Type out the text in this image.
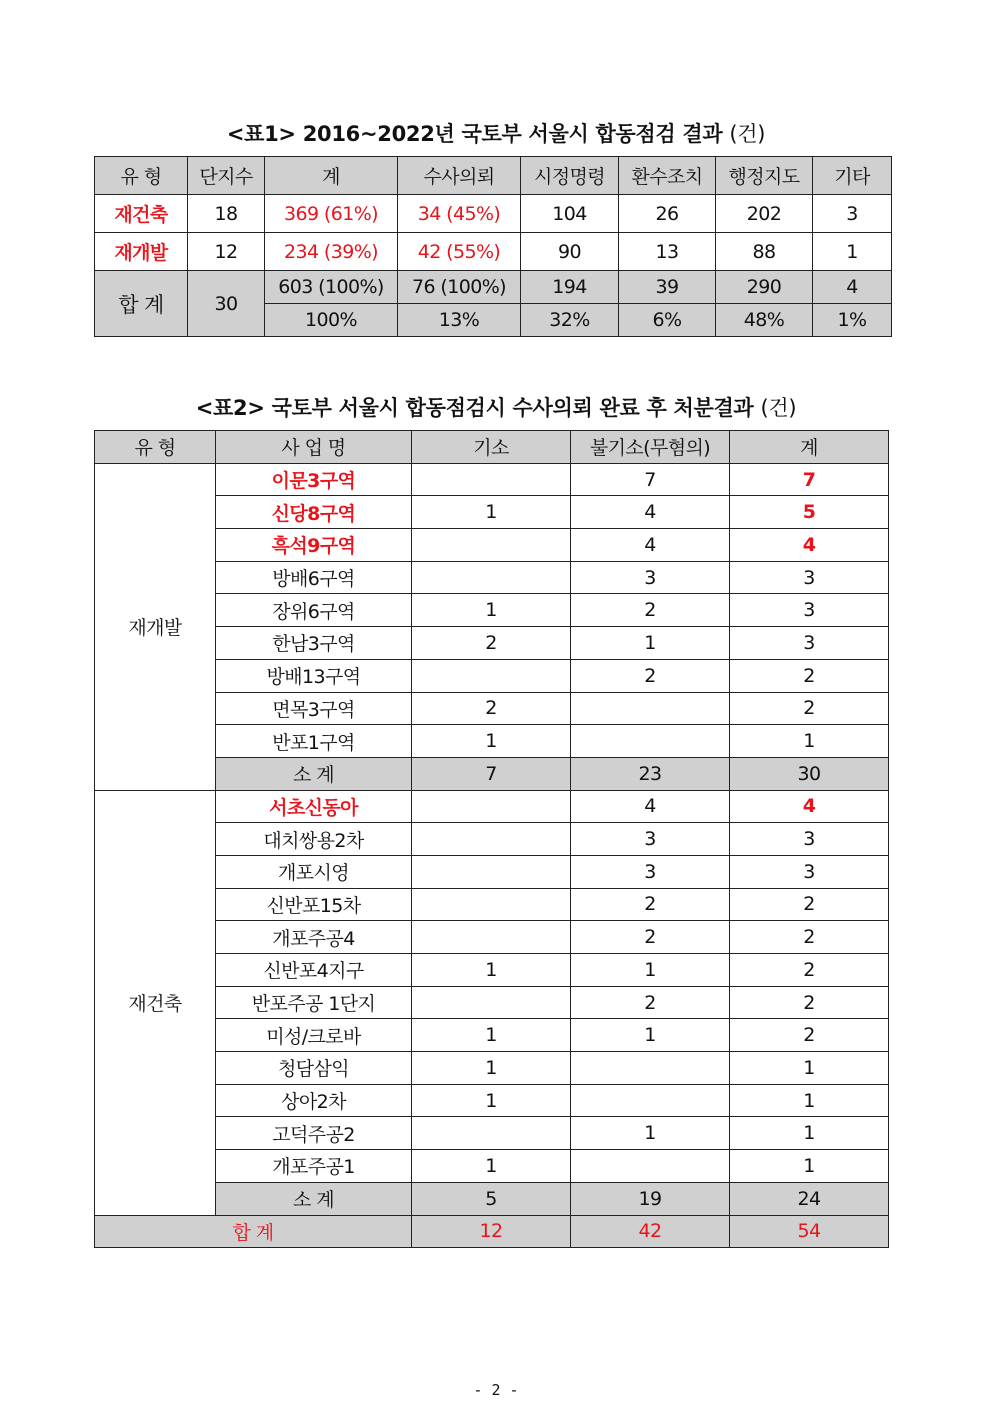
<표1> 2016~2022년 국토부 서울시 합동점검 결과 (건)
유 형	단지수	계	수사의뢰	시정명령	환수조치	행정지도	기타
재건축	18	369 (61%)	34 (45%)	104	26	202	3
재개발	12	234 (39%)	42 (55%)	90	13	88	1
합 계	30	603 (100%)	76 (100%)	194	39	290	4
		100%	13%	32%	6%	48%	1%
<표2> 국토부 서울시 합동점검시 수사의뢰 완료 후 처분결과 (건)
유 형	사 업 명	기소	불기소(무혐의)	계
재개발	이문3구역		7	7
	신당8구역	1	4	5
	흑석9구역		4	4
	방배6구역		3	3
	장위6구역	1	2	3
	한남3구역	2	1	3
	방배13구역		2	2
	면목3구역	2		2
	반포1구역	1		1
	소 계	7	23	30
재건축	서초신동아		4	4
	대치쌍용2차		3	3
	개포시영		3	3
	신반포15차		2	2
	개포주공4		2	2
	신반포4지구	1	1	2
	반포주공 1단지		2	2
	미성/크로바	1	1	2
	청담삼익	1		1
	상아2차	1		1
	고덕주공2		1	1
	개포주공1	1		1
	소 계	5	19	24
합 계		12	42	54
- 2 -
